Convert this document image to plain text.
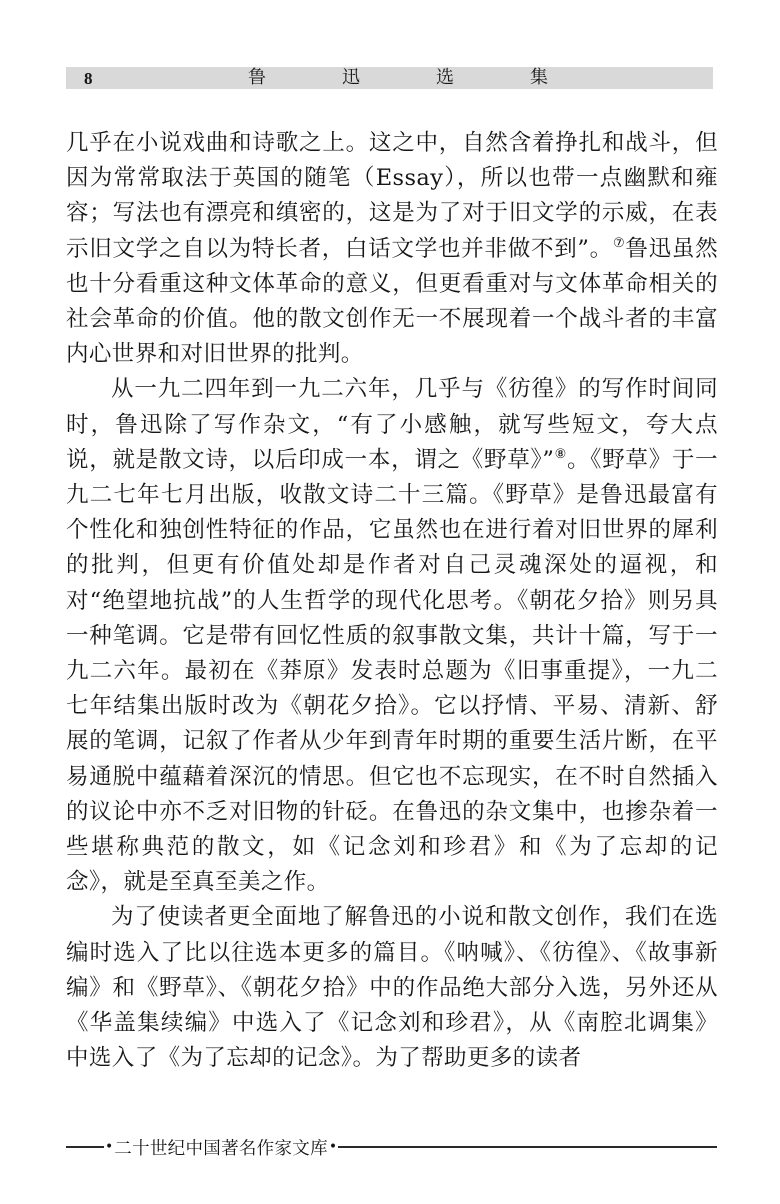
8	鲁	迅	选	集

几乎在小说戏曲和诗歌之上。这之中，自然含着挣扎和战斗，但因为常常取法于英国的随笔（Essay），所以也带一点幽默和雍容；写法也有漂亮和缜密的，这是为了对于旧文学的示威，在表示旧文学之自以为特长者，白话文学也并非做不到”。⑦鲁迅虽然也十分看重这种文体革命的意义，但更看重对与文体革命相关的社会革命的价值。他的散文创作无一不展现着一个战斗者的丰富内心世界和对旧世界的批判。

从一九二四年到一九二六年，几乎与《彷徨》的写作时间同时，鲁迅除了写作杂文，“有了小感触，就写些短文，夸大点说，就是散文诗，以后印成一本，谓之《野草》”⑧。《野草》于一九二七年七月出版，收散文诗二十三篇。《野草》是鲁迅最富有个性化和独创性特征的作品，它虽然也在进行着对旧世界的犀利的批判，但更有价值处却是作者对自己灵魂深处的逼视，和对“绝望地抗战”的人生哲学的现代化思考。《朝花夕拾》则另具一种笔调。它是带有回忆性质的叙事散文集，共计十篇，写于一九二六年。最初在《莽原》发表时总题为《旧事重提》，一九二七年结集出版时改为《朝花夕拾》。它以抒情、平易、清新、舒展的笔调，记叙了作者从少年到青年时期的重要生活片断，在平易通脱中蕴藉着深沉的情思。但它也不忘现实，在不时自然插入的议论中亦不乏对旧物的针砭。在鲁迅的杂文集中，也掺杂着一些堪称典范的散文，如《记念刘和珍君》和《为了忘却的记念》，就是至真至美之作。

为了使读者更全面地了解鲁迅的小说和散文创作，我们在选编时选入了比以往选本更多的篇目。《呐喊》、《彷徨》、《故事新编》和《野草》、《朝花夕拾》中的作品绝大部分入选，另外还从《华盖集续编》中选入了《记念刘和珍君》，从《南腔北调集》中选入了《为了忘却的记念》。为了帮助更多的读者

• 二十世纪中国著名作家文库 •
